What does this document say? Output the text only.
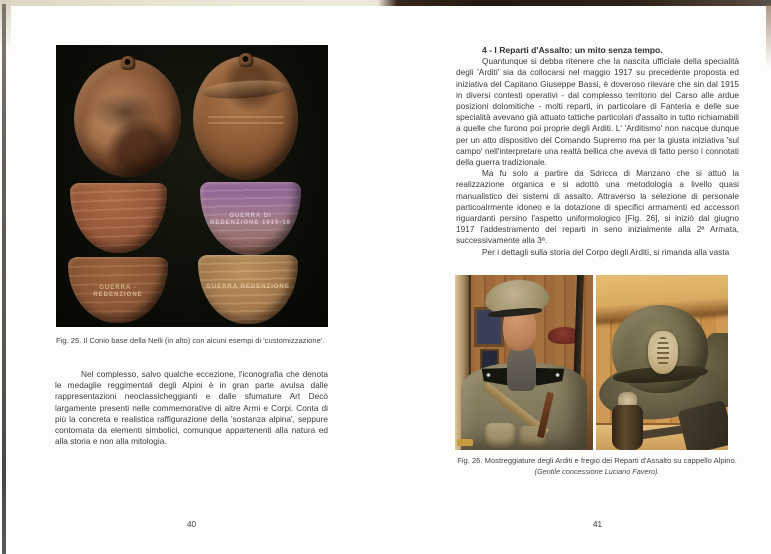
GUERRA DI REDENZIONE 1915-18
GUERRA - REDENZIONE
GUERRA REDENZIONE
Fig. 25. Il Conio base della Nelli (in alto) con alcuni esempi di 'customizzazione'.

Nel complesso, salvo qualche eccezione, l'iconografia che denota le medaglie reggimentali degli Alpini è in gran parte avulsa dalle rappresentazioni neoclassicheggianti e dalle sfumature Art Decò largamente presenti nelle commemorative di altre Armi e Corpi. Conta di più la concreta e realistica raffigurazione della 'sostanza alpina', seppure contornata da elementi simbolici, comunque appartenenti alla natura ed alla storia e non alla mitologia.

40

4 - I Reparti d'Assalto: un mito senza tempo.

Quantunque si debba ritenere che la nascita ufficiale della specialità degli 'Arditi' sia da collocarsi nel maggio 1917 su precedente proposta ed iniziativa del Capitano Giuseppe Bassi, è doveroso rilevare che sin dal 1915 in diversi contesti operativi - dal complesso territorio del Carso alle ardue posizioni dolomitiche - molti reparti, in particolare di Fanteria e delle sue specialità avevano già attuato tattiche particolari d'assalto in tutto richiamabili a quelle che furono poi proprie degli Arditi. L' 'Arditismo' non nacque dunque per un atto dispositivo del Comando Supremo ma per la giusta iniziativa 'sul campo' nell'interpretare una realtà bellica che aveva di fatto perso i connotati della guerra tradizionale.

Ma fu solo a partire da Sdricca di Manzano che si attuò la realizzazione organica e si adottò una metodologia a livello quasi manualistico dei sistemi di assalto. Attraverso la selezione di personale particoalrmente idoneo e la dotazione di specifici armamenti ed accessori riguardanti persino l'aspetto uniformologico [Fig. 26], si iniziò dal giugno 1917 l'addestramento dei reparti in seno inizialmente alla 2ª Armata, successivamente alla 3ª.

Per i dettagli sulla storia del Corpo degli Arditi, si rimanda alla vasta

Fig. 26. Mostreggiature degli Arditi e fregio dei Reparti d'Assalto su cappello Alpino.
(Gentile concessione Luciano Favero).
41
